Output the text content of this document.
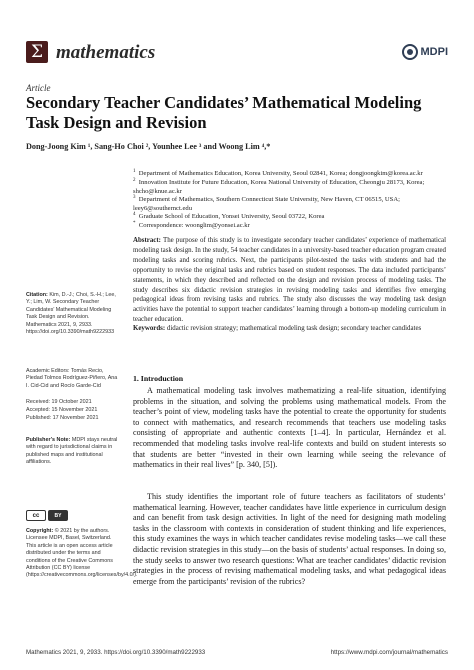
Σ mathematics	MDPI
Article
Secondary Teacher Candidates’ Mathematical Modeling Task Design and Revision
Dong-Joong Kim ¹, Sang-Ho Choi ², Younhee Lee ³ and Woong Lim ⁴,*
$^1$ Department of Mathematics Education, Korea University, Seoul 02841, Korea; dongjoongkim@korea.ac.kr
$^2$ Innovation Institute for Future Education, Korea National University of Education, Cheongju 28173, Korea; shcho@knue.ac.kr
$^3$ Department of Mathematics, Southern Connecticut State University, New Haven, CT 06515, USA; leey6@southernct.edu
$^4$ Graduate School of Education, Yonsei University, Seoul 03722, Korea
* Correspondence: woonglim@yonsei.ac.kr
Abstract: The purpose of this study is to investigate secondary teacher candidates’ experience of mathematical modeling task design. In the study, 54 teacher candidates in a university-based teacher education program created modeling tasks and scoring rubrics. Next, the participants pilot-tested the tasks with students and had the opportunity to revise the original tasks and rubrics based on student responses. The data included participants’ statements, in which they described and reflected on the design and revision process of modeling tasks. The study describes six didactic revision strategies in revising modeling tasks and identifies five emerging pedagogical ideas from revising tasks and rubrics. The study also discusses the way modeling task design activities have the potential to support teacher candidates’ learning through a bottom-up modeling curriculum in teacher education.
Keywords: didactic revision strategy; mathematical modeling task design; secondary teacher candidates
Citation: Kim, D.-J.; Choi, S.-H.; Lee, Y.; Lim, W. Secondary Teacher Candidates’ Mathematical Modeling Task Design and Revision. Mathematics 2021, 9, 2933. https://doi.org/10.3390/math9222933
Academic Editors: Tomás Recio, Piedad Tolmos Rodríguez-Piñero, Ana I. Cid-Cid and Rocío Garde-Cid
Received: 19 October 2021
Accepted: 15 November 2021
Published: 17 November 2021
Publisher’s Note: MDPI stays neutral with regard to jurisdictional claims in published maps and institutional affiliations.
cc	BY
Copyright: © 2021 by the authors. Licensee MDPI, Basel, Switzerland. This article is an open access article distributed under the terms and conditions of the Creative Commons Attribution (CC BY) license (https://creativecommons.org/licenses/by/4.0/).
1. Introduction
A mathematical modeling task involves mathematizing a real-life situation, identifying problems in the situation, and solving the problems using mathematical models. From the teacher’s point of view, modeling tasks have the potential to create the opportunity for students to connect with mathematics, and research recommends that teachers use modeling tasks consisting of appropriate and authentic contexts [1–4]. In particular, Hernández et al. recommended that modeling tasks involve real-life contexts and build on student interests so that students are better “invested in their own learning while seeing the relevance of mathematics in their real lives” [p. 340, [5]).
This study identifies the important role of future teachers as facilitators of students’ mathematical learning. However, teacher candidates have little experience in curriculum design and can benefit from task design activities. In light of the need for designing math modeling tasks in the classroom with contexts in consideration of student thinking and life experiences, this study examines the ways in which teacher candidates revise modeling tasks—we call these didactic revision strategies in this study—on the basis of students’ actual responses. In doing so, the study seeks to answer two research questions: What are teacher candidates’ didactic revision strategies in the process of revising mathematical modeling tasks, and what pedagogical ideas emerge from the participants’ revision of the rubrics?
Mathematics 2021, 9, 2933. https://doi.org/10.3390/math9222933	https://www.mdpi.com/journal/mathematics
